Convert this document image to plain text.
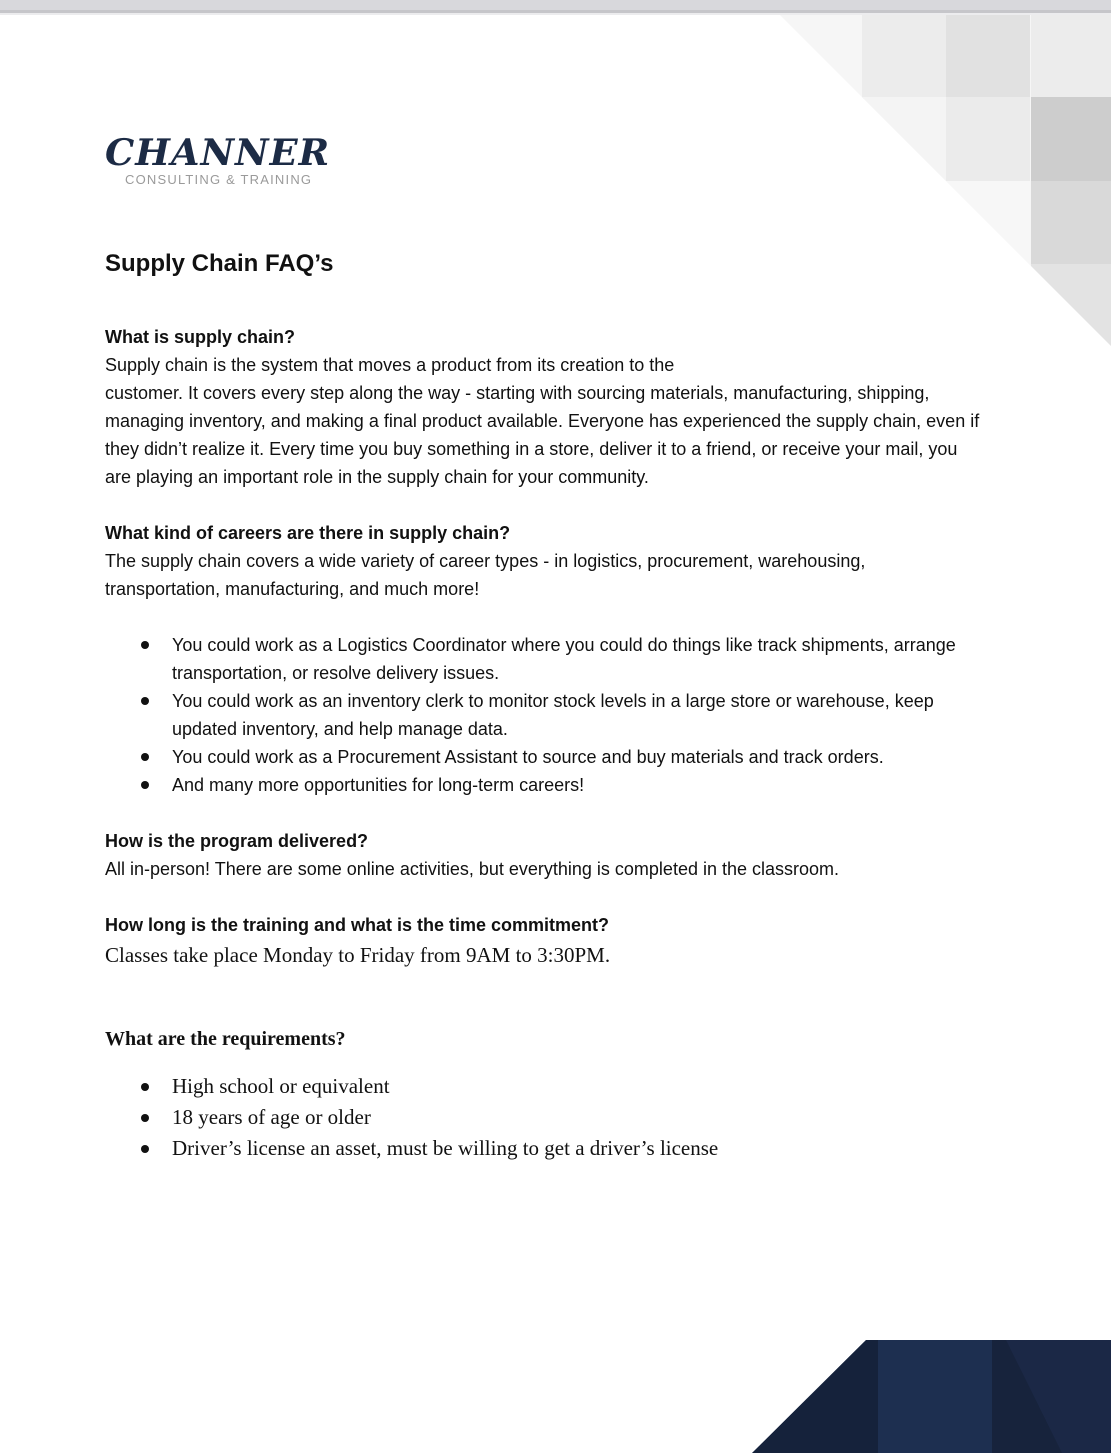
CHANNER
CONSULTING & TRAINING
Supply Chain FAQ’s

What is supply chain?

Supply chain is the system that moves a product from its creation to the

customer. It covers every step along the way - starting with sourcing materials, manufacturing, shipping, managing inventory, and making a final product available. Everyone has experienced the supply chain, even if they didn’t realize it. Every time you buy something in a store, deliver it to a friend, or receive your mail, you are playing an important role in the supply chain for your community.

What kind of careers are there in supply chain?

The supply chain covers a wide variety of career types - in logistics, procurement, warehousing, transportation, manufacturing, and much more!

You could work as a Logistics Coordinator where you could do things like track shipments, arrange transportation, or resolve delivery issues.
You could work as an inventory clerk to monitor stock levels in a large store or warehouse, keep updated inventory, and help manage data.
You could work as a Procurement Assistant to source and buy materials and track orders.
And many more opportunities for long-term careers!

How is the program delivered?

All in-person! There are some online activities, but everything is completed in the classroom.

How long is the training and what is the time commitment?

Classes take place Monday to Friday from 9AM to 3:30PM.

What are the requirements?

High school or equivalent
18 years of age or older
Driver’s license an asset, must be willing to get a driver’s license
